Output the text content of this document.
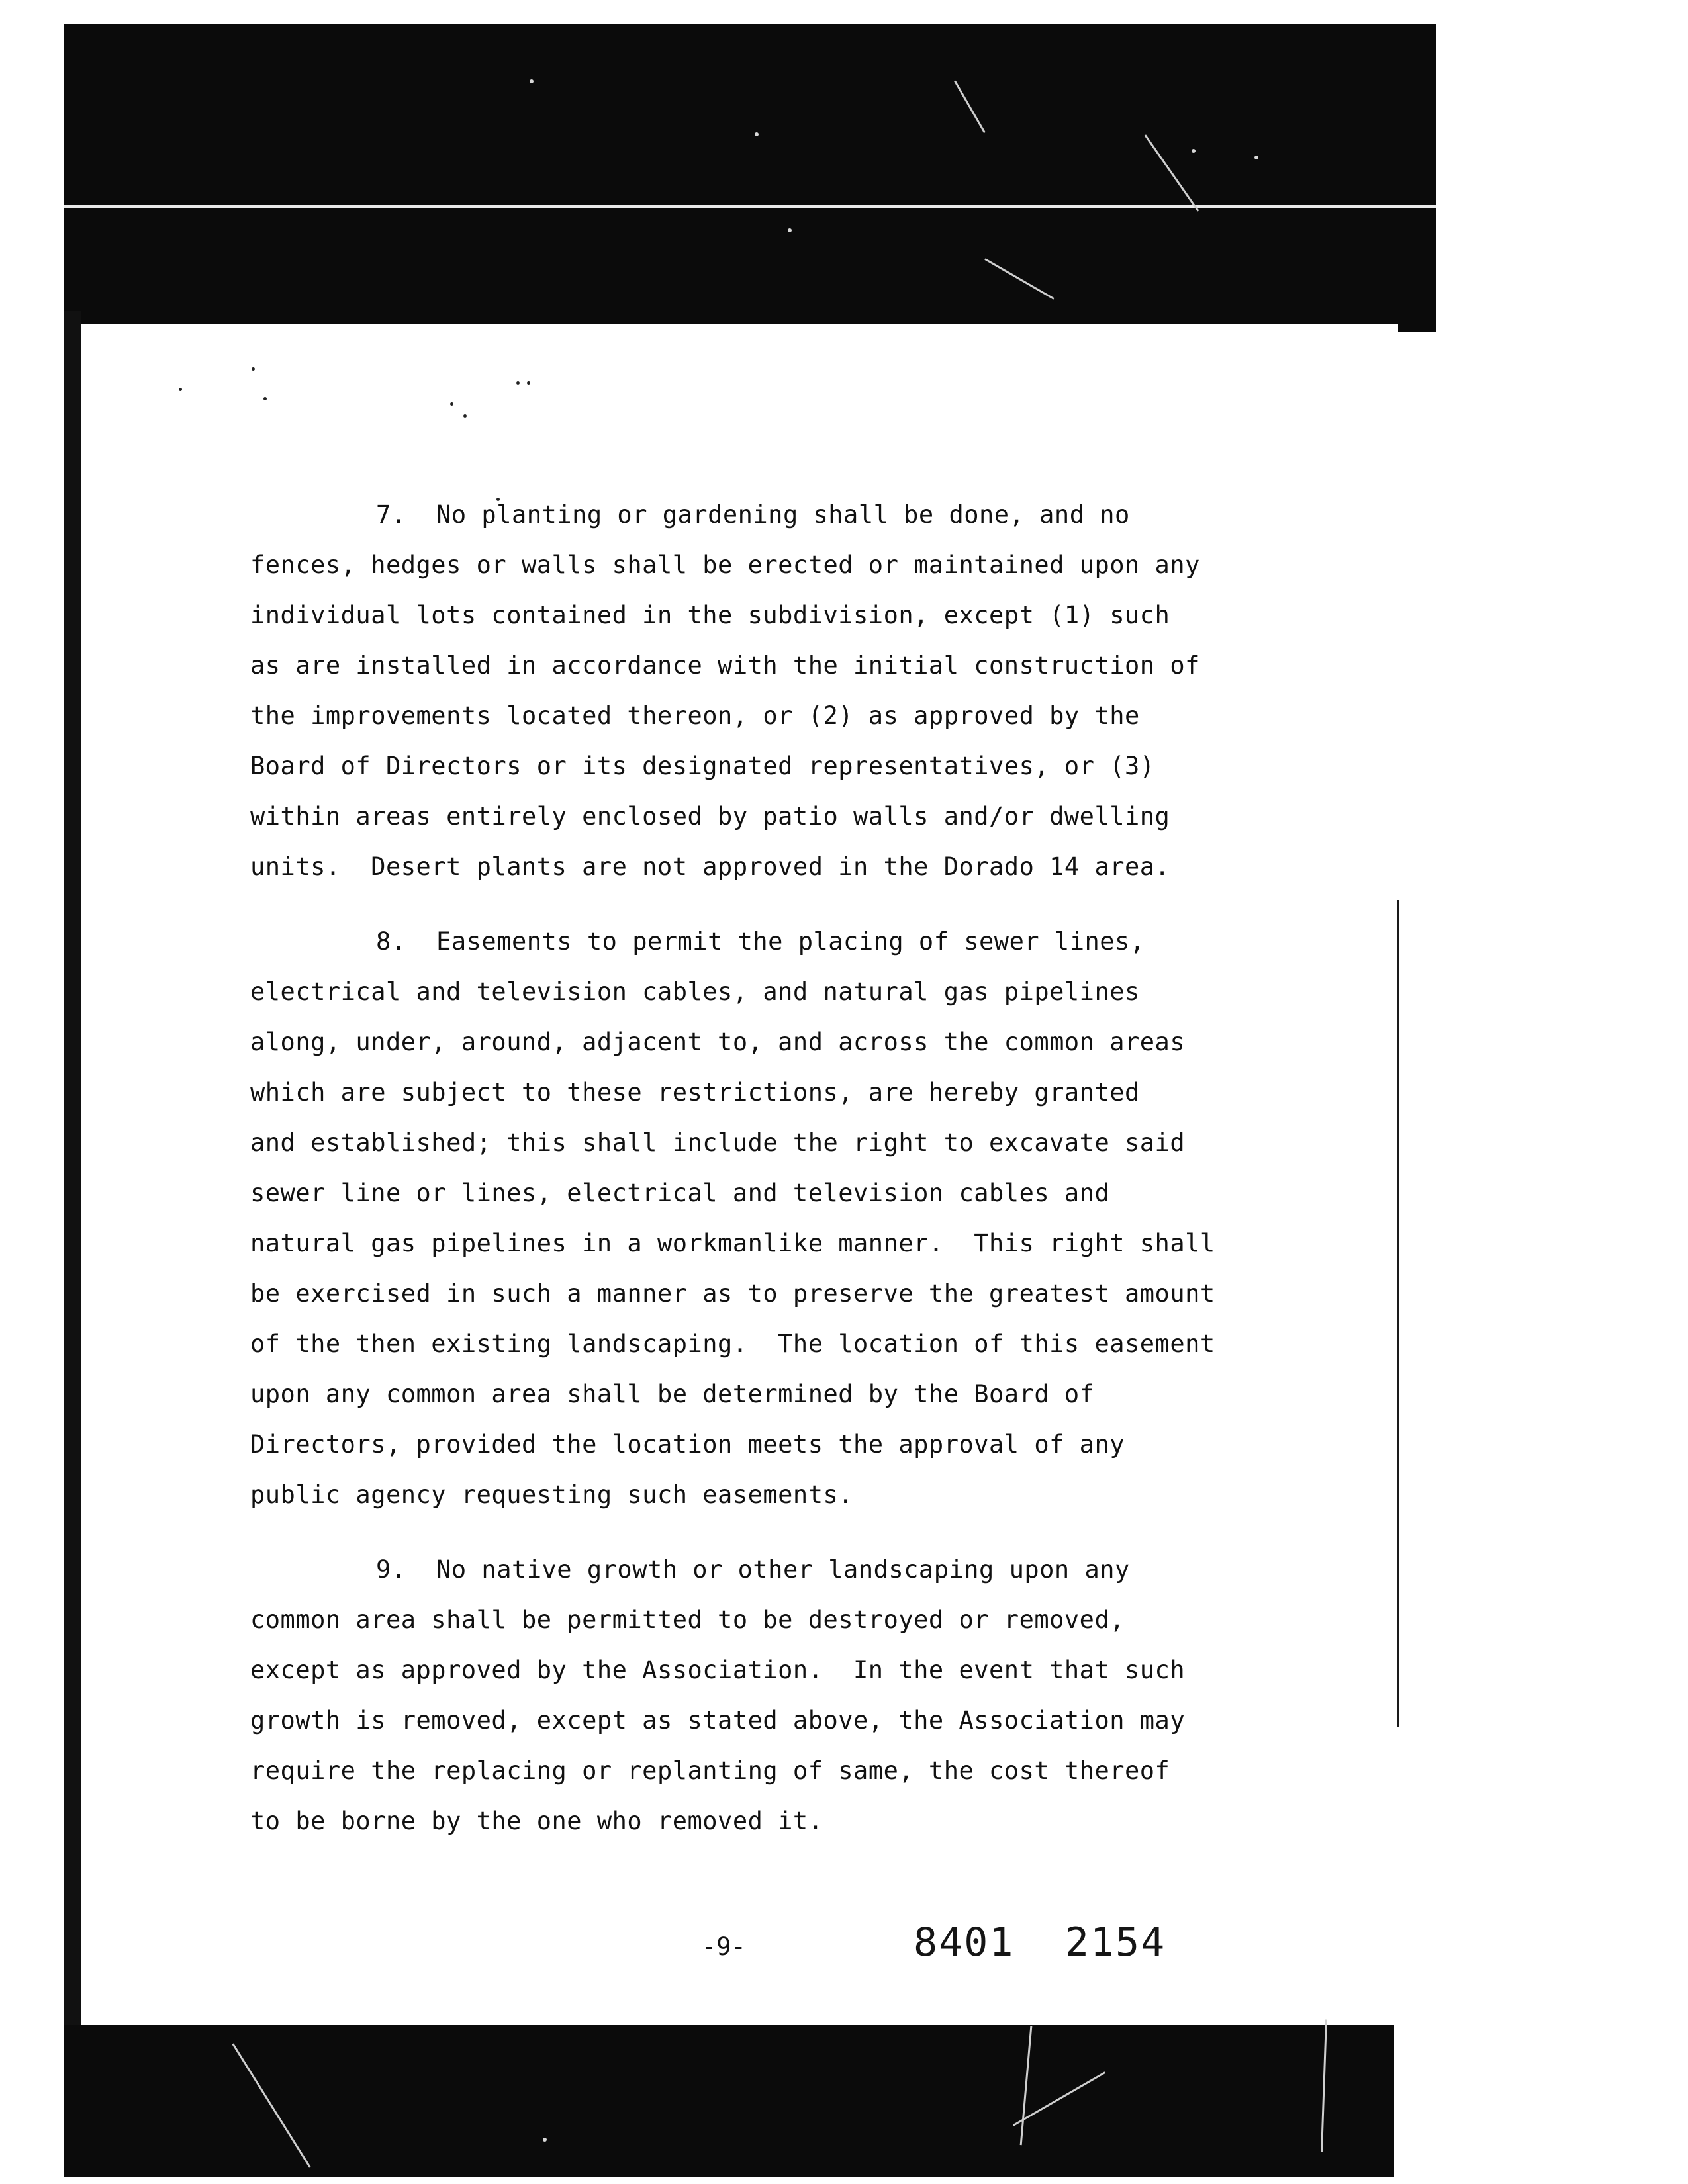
7.  No planting or gardening shall be done, and no
fences, hedges or walls shall be erected or maintained upon any
individual lots contained in the subdivision, except (1) such
as are installed in accordance with the initial construction of
the improvements located thereon, or (2) as approved by the
Board of Directors or its designated representatives, or (3)
within areas entirely enclosed by patio walls and/or dwelling
units.  Desert plants are not approved in the Dorado 14 area.
8.  Easements to permit the placing of sewer lines,
electrical and television cables, and natural gas pipelines
along, under, around, adjacent to, and across the common areas
which are subject to these restrictions, are hereby granted
and established; this shall include the right to excavate said
sewer line or lines, electrical and television cables and
natural gas pipelines in a workmanlike manner.  This right shall
be exercised in such a manner as to preserve the greatest amount
of the then existing landscaping.  The location of this easement
upon any common area shall be determined by the Board of
Directors, provided the location meets the approval of any
public agency requesting such easements.
9.  No native growth or other landscaping upon any
common area shall be permitted to be destroyed or removed,
except as approved by the Association.  In the event that such
growth is removed, except as stated above, the Association may
require the replacing or replanting of same, the cost thereof
to be borne by the one who removed it.
-9-	8401  2154
